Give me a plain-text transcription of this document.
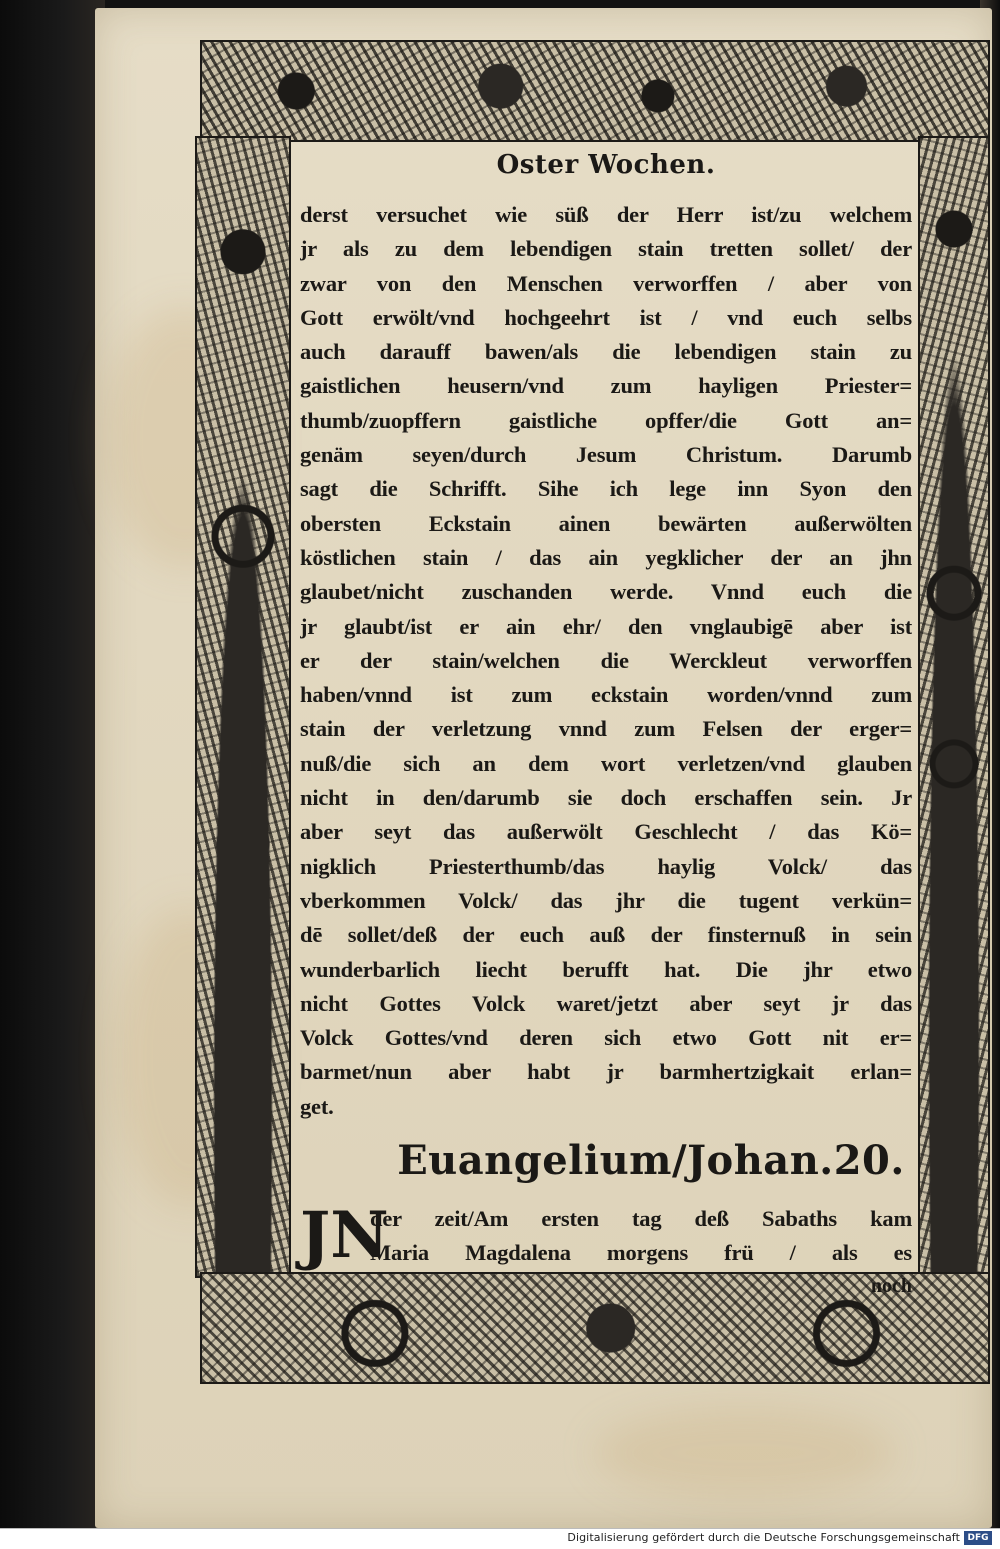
Oster Wochen.
derst versuchet wie süß der Herr ist/zu welchem
jr als zu dem lebendigen stain tretten sollet/ der
zwar von den Menschen verworffen / aber von
Gott erwölt/vnd hochgeehrt ist / vnd euch selbs
auch darauff bawen/als die lebendigen stain zu
gaistlichen heusern/vnd zum hayligen Priester=
thumb/zuopffern gaistliche opffer/die Gott an=
genäm seyen/durch Jesum Christum. Darumb
sagt die Schrifft. Sihe ich lege inn Syon den
obersten Eckstain ainen bewärten außerwölten
köstlichen stain / das ain yegklicher der an jhn
glaubet/nicht zuschanden werde. Vnnd euch die
jr glaubt/ist er ain ehr/ den vnglaubigē aber ist
er der stain/welchen die Werckleut verworffen
haben/vnnd ist zum eckstain worden/vnnd zum
stain der verletzung vnnd zum Felsen der erger=
nuß/die sich an dem wort verletzen/vnd glauben
nicht in den/darumb sie doch erschaffen sein. Jr
aber seyt das außerwölt Geschlecht / das Kö=
nigklich Priesterthumb/das haylig Volck/ das
vberkommen Volck/ das jhr die tugent verkün=
dē sollet/deß der euch auß der finsternuß in sein
wunderbarlich liecht berufft hat. Die jhr etwo
nicht Gottes Volck waret/jetzt aber seyt jr das
Volck Gottes/vnd deren sich etwo Gott nit er=
barmet/nun aber habt jr barmhertzigkait erlan=
get.
Euangelium/Johan.20.
JN
der zeit/Am ersten tag deß Sabaths kam
Maria Magdalena morgens frü / als es
noch
Digitalisierung gefördert durch die Deutsche Forschungsgemeinschaft DFG
